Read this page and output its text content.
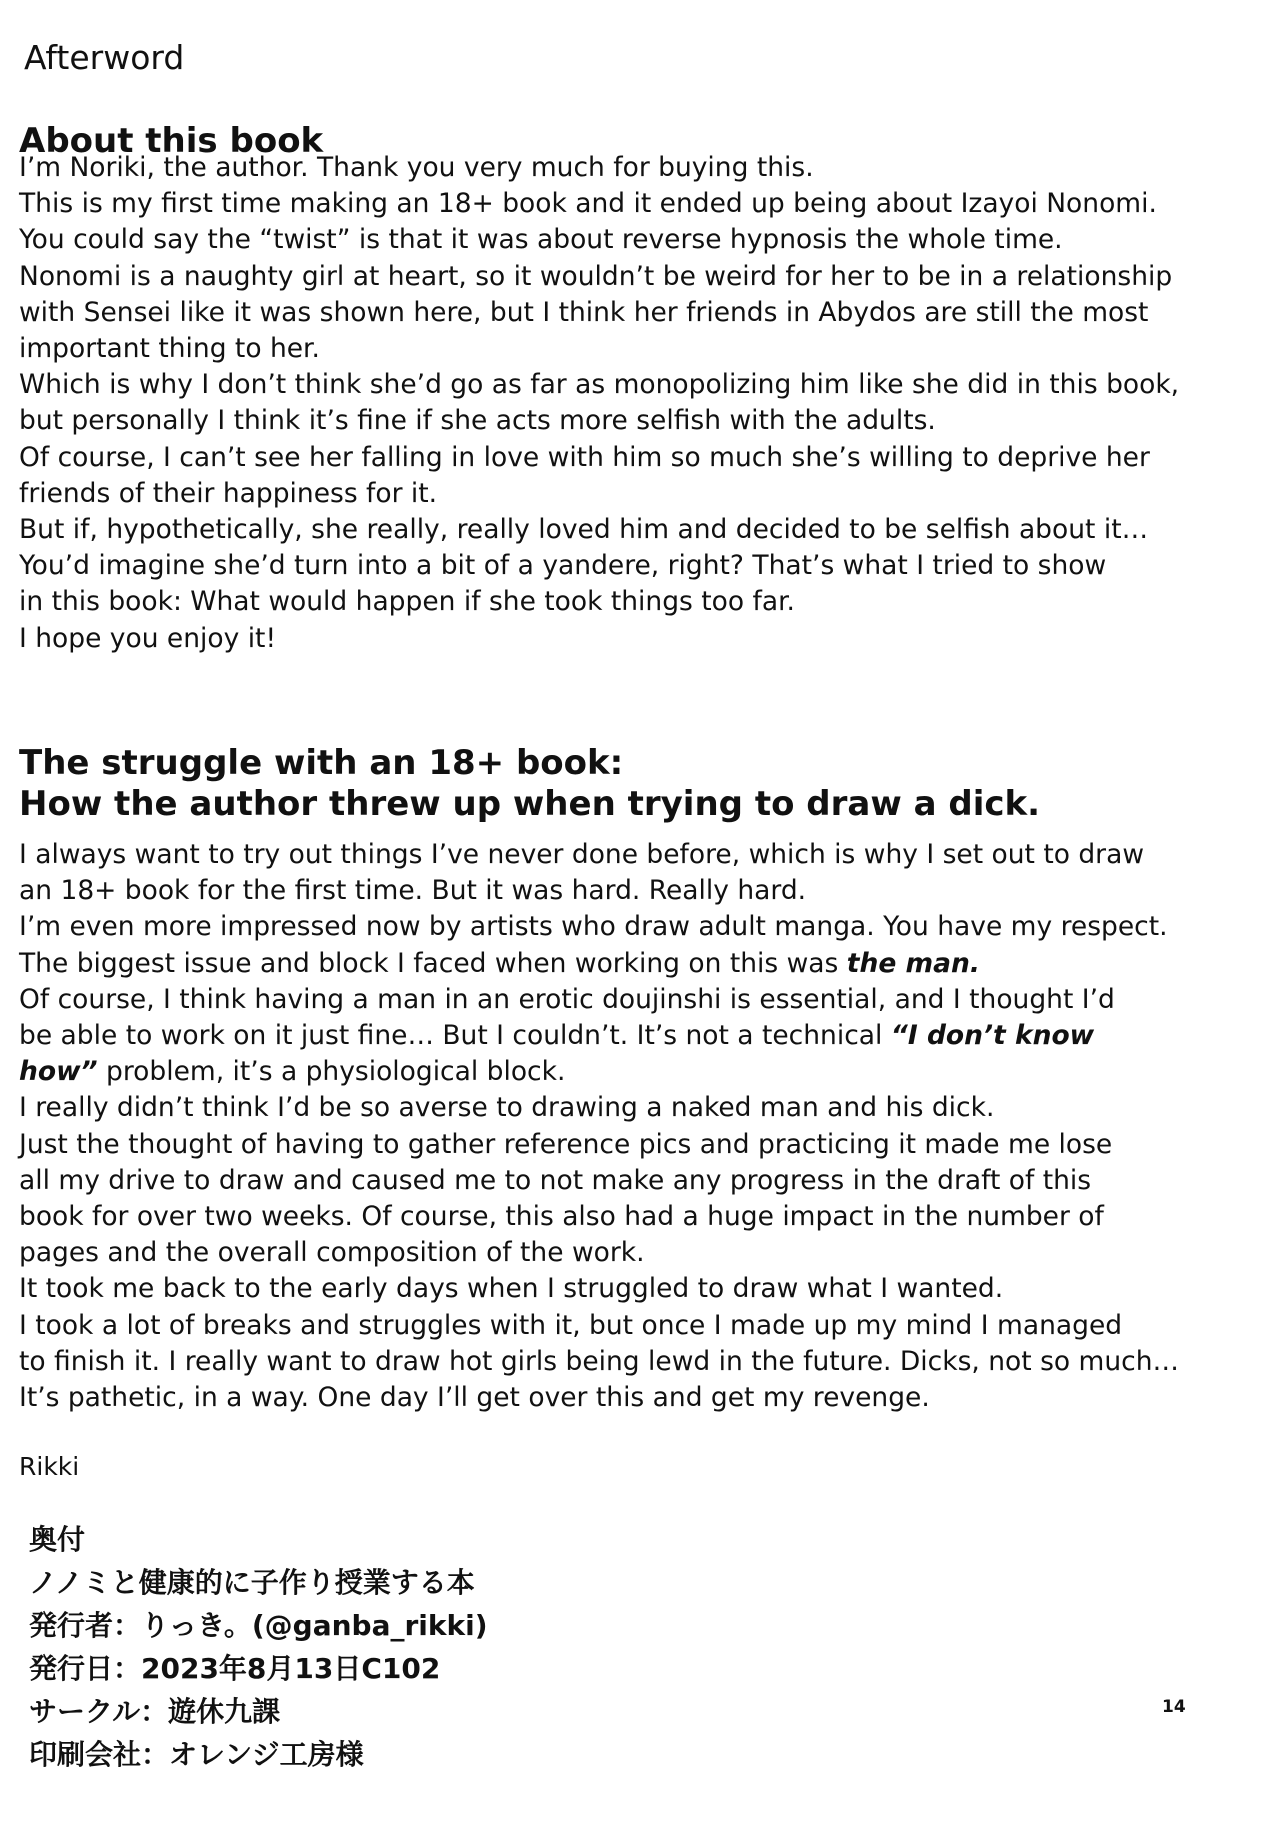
Afterword
About this book
I’m Noriki, the author. Thank you very much for buying this.
This is my first time making an 18+ book and it ended up being about Izayoi Nonomi.
You could say the “twist” is that it was about reverse hypnosis the whole time.
Nonomi is a naughty girl at heart, so it wouldn’t be weird for her to be in a relationship
with Sensei like it was shown here, but I think her friends in Abydos are still the most
important thing to her.
Which is why I don’t think she’d go as far as monopolizing him like she did in this book,
but personally I think it’s fine if she acts more selfish with the adults.
Of course, I can’t see her falling in love with him so much she’s willing to deprive her
friends of their happiness for it.
But if, hypothetically, she really, really loved him and decided to be selfish about it…
You’d imagine she’d turn into a bit of a yandere, right? That’s what I tried to show
in this book: What would happen if she took things too far.
I hope you enjoy it!
The struggle with an 18+ book:
How the author threw up when trying to draw a dick.
I always want to try out things I’ve never done before, which is why I set out to draw
an 18+ book for the first time. But it was hard. Really hard.
I’m even more impressed now by artists who draw adult manga. You have my respect.
The biggest issue and block I faced when working on this was the man.
Of course, I think having a man in an erotic doujinshi is essential, and I thought I’d
be able to work on it just fine… But I couldn’t. It’s not a technical “I don’t know
how” problem, it’s a physiological block.
I really didn’t think I’d be so averse to drawing a naked man and his dick.
Just the thought of having to gather reference pics and practicing it made me lose
all my drive to draw and caused me to not make any progress in the draft of this
book for over two weeks. Of course, this also had a huge impact in the number of
pages and the overall composition of the work.
It took me back to the early days when I struggled to draw what I wanted.
I took a lot of breaks and struggles with it, but once I made up my mind I managed
to finish it. I really want to draw hot girls being lewd in the future. Dicks, not so much…
It’s pathetic, in a way. One day I’ll get over this and get my revenge.
Rikki
奥付
ノノミと健康的に子作り授業する本
発行者：りっき。(@ganba_rikki)
発行日：2023年8月13日C102
サークル：遊休九課
印刷会社：オレンジ工房様
14
